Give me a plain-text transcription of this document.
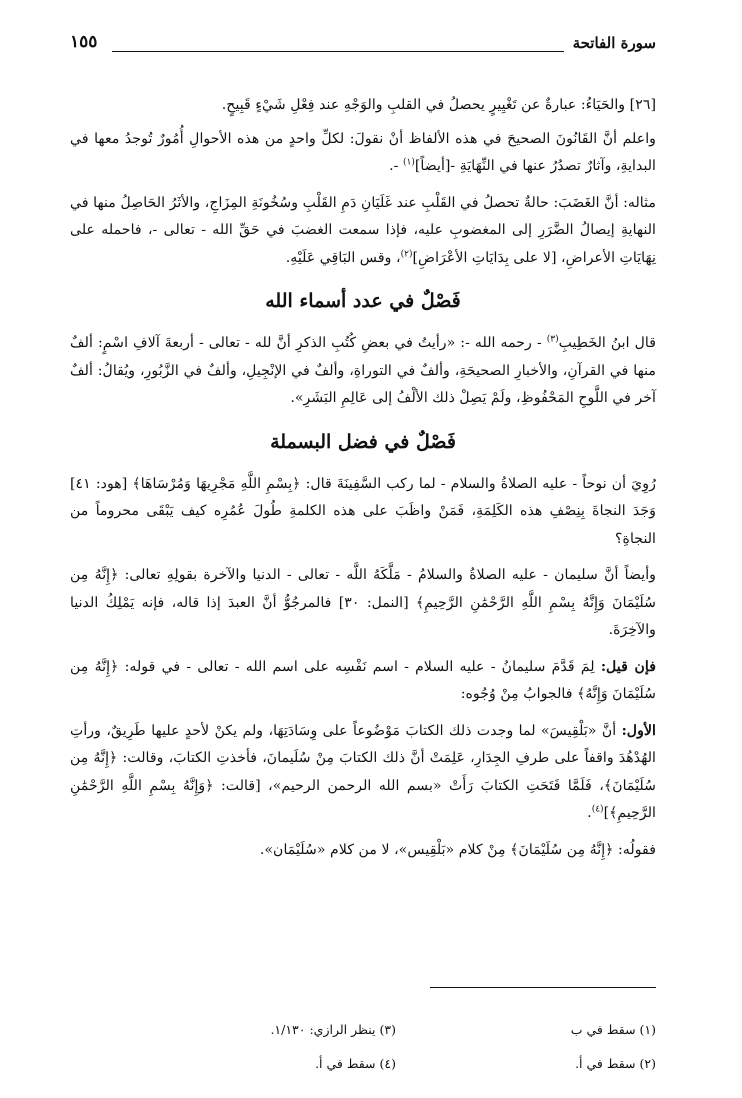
سورة الفاتحة
١٥٥

[٢٦] والحَيَاءُ: عبارةٌ عن تَغْيِيرٍ يحصلُ في القلبِ والوَجْهِ عند فِعْلِ شَيْءٍ قَبِيحٍ.

واعلم أنَّ القَانُونَ الصحيحَ في هذه الألفاظ أنْ نقولَ: لكلِّ واحدٍ من هذه الأحوالِ أُمُورٌ تُوجدُ معها في البدايةِ، وآثارٌ تصدُرُ عنها في النِّهَايَةِ -[أيضاً]$^{(١)}$ -.

مثاله: أنَّ الغَضَبَ: حالةٌ تحصلُ في القَلْبِ عند غَلَيَانِ دَمِ القَلْبِ وسُخُونَةِ المِزَاجِ، والأثَرُ الحَاصِلُ منها في النهايةِ إيصالُ الضَّرَرِ إلى المغضوبِ عليه، فإذا سمعت الغضبَ في حَقِّ الله - تعالى -، فاحمله على نِهَايَاتِ الأعراضِ، [لا على بِدَايَاتِ الأعْرَاضِ]$^{(٢)}$، وقس البَاقِي عَلَيْهِ.

فَصْلٌ في عدد أسماء الله

قال ابنُ الخَطِيبِ$^{(٣)}$ - رحمه الله -: «رأيتُ في بعضِ كُتُبِ الذكرِ أنَّ لله - تعالى - أربعةَ آلافِ اسْمٍ: ألفٌ منها في القرآنِ، والأخبارِ الصحيحَةِ، وألفٌ في التوراةِ، وألفٌ في الإنْجِيلِ، وألفٌ في الزَّبُورِ، ويُقالُ: ألفٌ آخر في اللَّوحِ المَحْفُوظِ، ولَمْ يَصِلْ ذلك الألْفُ إلى عَالِمِ البَشَرِ».

فَصْلٌ في فضل البسملة

رُوِيَ أن نوحاً - عليه الصلاةُ والسلام - لما ركب السَّفِينَةَ قال: ﴿بِسْمِ اللَّهِ مَجْرِيهَا وَمُرْسَاهَا﴾ [هود: ٤١] وَجَدَ النجاةَ بِنِصْفِ هذه الكَلِمَةِ، فَمَنْ واظَبَ على هذه الكلمةِ طُولَ عُمُرِه كيف يَبْقَى محروماً من النجاةِ؟

وأيضاً أنَّ سليمان - عليه الصلاةُ والسلامُ - مَلَّكَهُ اللَّه - تعالى - الدنيا والآخرة بقولِهِ تعالى: ﴿إِنَّهُ مِن سُلَيْمَانَ وَإِنَّهُ بِسْمِ اللَّهِ الرَّحْمَٰنِ الرَّحِيمِ﴾ [النمل: ٣٠] فالمرجُوُّ أنَّ العبدَ إذا قاله، فإنه يَمْلِكُ الدنيا والآخِرَةَ.

فإن قيل: لِمَ قَدَّمَ سليمانُ - عليه السلام - اسم نَفْسِه على اسم الله - تعالى - في قوله: ﴿إِنَّهُ مِن سُلَيْمَانَ وَإِنَّهُ﴾ فالجوابُ مِنْ وُجُوه:

الأول: أنَّ «بَلْقِيسَ» لما وجدت ذلك الكتابَ مَوْضُوعاً على وِسَادَتِهَا، ولم يكنْ لأحدٍ عليها طَرِيقٌ، ورأتِ الهُدْهُدَ واقفاً على طرفِ الجِدَارِ، عَلِمَتْ أنَّ ذلك الكتابَ مِنْ سُلَيمانَ، فأخذتِ الكتابَ، وقالت: ﴿إِنَّهُ مِن سُلَيْمَانَ﴾، فَلَمَّا فَتَحَتِ الكتابَ رَأَتْ «بسم الله الرحمن الرحيم»، [قالت: ﴿وَإِنَّهُ بِسْمِ اللَّهِ الرَّحْمَٰنِ الرَّحِيمِ﴾]$^{(٤)}$.

فقولُه: ﴿إِنَّهُ مِن سُلَيْمَانَ﴾ مِنْ كلام «بَلْقِيس»، لا من كلام «سُلَيْمَان».

(١) سقط في ب
(٣) ينظر الرازي: ١/١٣٠.
(٢) سقط في أ.
(٤) سقط في أ.
